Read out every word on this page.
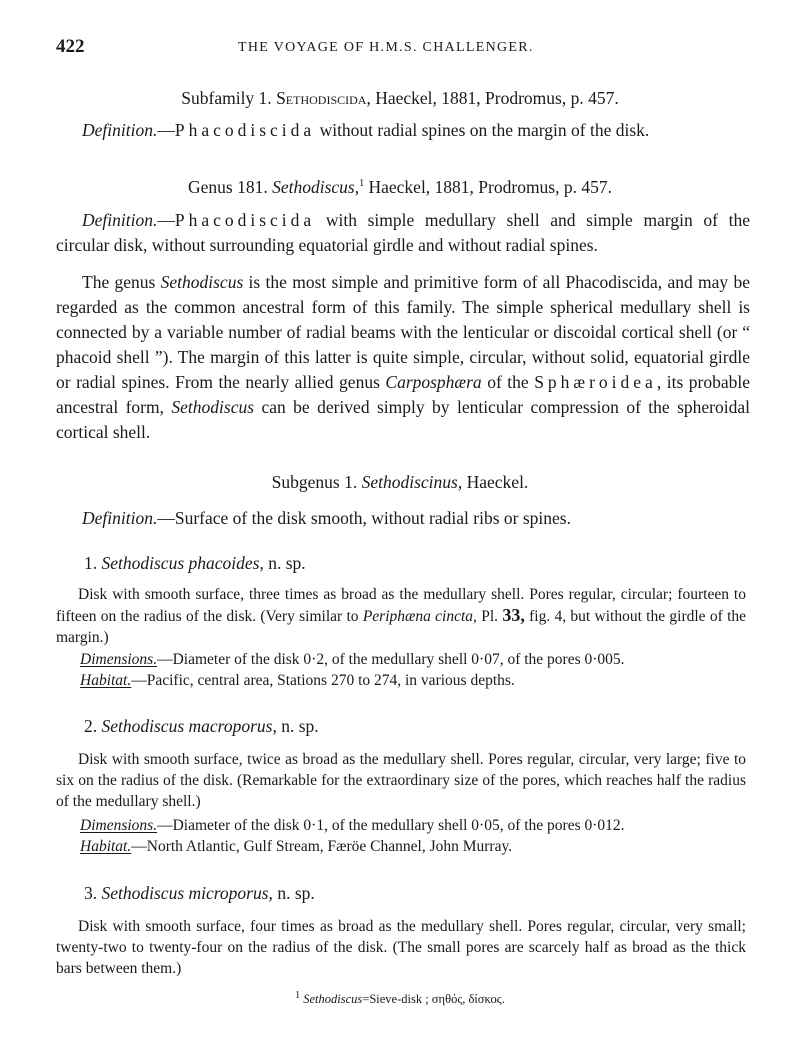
422	THE VOYAGE OF H.M.S. CHALLENGER.
Subfamily 1. Sethodiscida, Haeckel, 1881, Prodromus, p. 457.
Definition.—Phacodiscida without radial spines on the margin of the disk.
Genus 181. Sethodiscus,$^1$ Haeckel, 1881, Prodromus, p. 457.
Definition.—Phacodiscida with simple medullary shell and simple margin of the circular disk, without surrounding equatorial girdle and without radial spines.
The genus Sethodiscus is the most simple and primitive form of all Phacodiscida, and may be regarded as the common ancestral form of this family. The simple spherical medullary shell is connected by a variable number of radial beams with the lenticular or discoidal cortical shell (or “ phacoid shell ”). The margin of this latter is quite simple, circular, without solid, equatorial girdle or radial spines. From the nearly allied genus Carposphæra of the Sphæroidea, its probable ancestral form, Sethodiscus can be derived simply by lenticular compression of the spheroidal cortical shell.
Subgenus 1. Sethodiscinus, Haeckel.
Definition.—Surface of the disk smooth, without radial ribs or spines.
1. Sethodiscus phacoides, n. sp.
Disk with smooth surface, three times as broad as the medullary shell. Pores regular, circular; fourteen to fifteen on the radius of the disk. (Very similar to Periphæna cincta, Pl. 33, fig. 4, but without the girdle of the margin.)
Dimensions.—Diameter of the disk 0·2, of the medullary shell 0·07, of the pores 0·005.
Habitat.—Pacific, central area, Stations 270 to 274, in various depths.
2. Sethodiscus macroporus, n. sp.
Disk with smooth surface, twice as broad as the medullary shell. Pores regular, circular, very large; five to six on the radius of the disk. (Remarkable for the extraordinary size of the pores, which reaches half the radius of the medullary shell.)
Dimensions.—Diameter of the disk 0·1, of the medullary shell 0·05, of the pores 0·012.
Habitat.—North Atlantic, Gulf Stream, Færöe Channel, John Murray.
3. Sethodiscus microporus, n. sp.
Disk with smooth surface, four times as broad as the medullary shell. Pores regular, circular, very small; twenty-two to twenty-four on the radius of the disk. (The small pores are scarcely half as broad as the thick bars between them.)
$^1$ Sethodiscus=Sieve-disk ; σηθός, δίσκος.
